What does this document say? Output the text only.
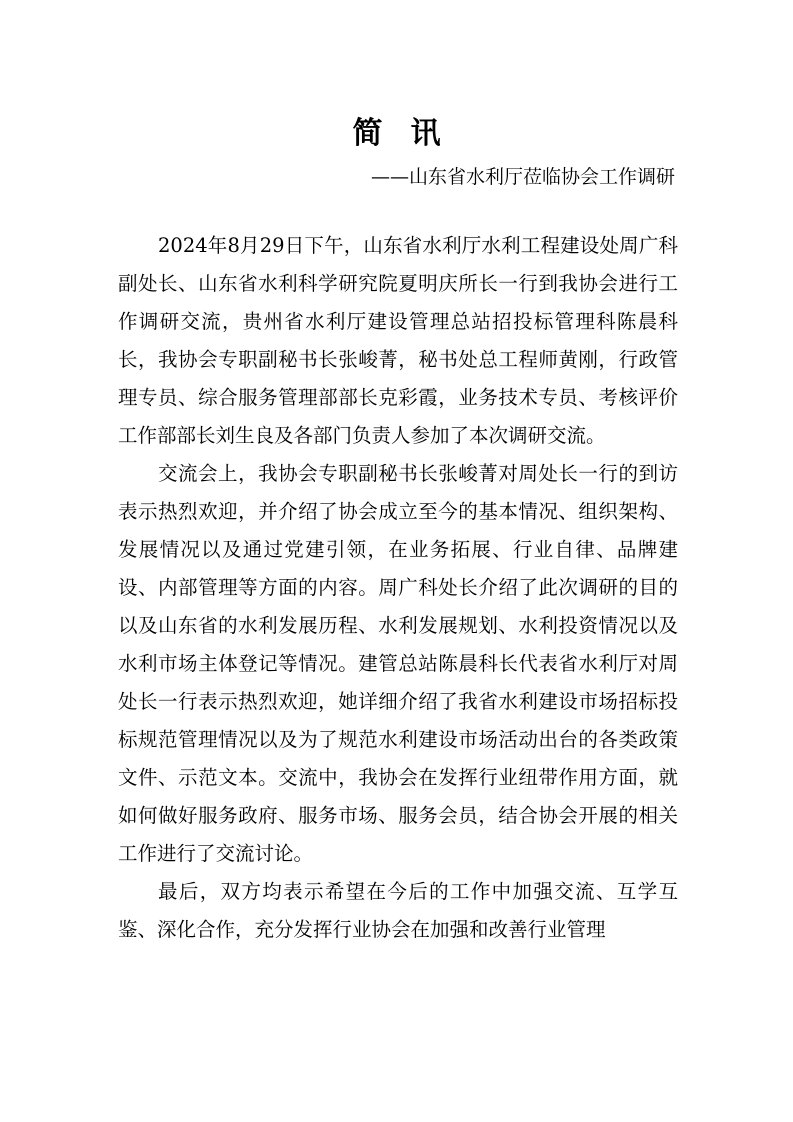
简讯

——山东省水利厅莅临协会工作调研

2024年8月29日下午，山东省水利厅水利工程建设处周广科副处长、山东省水利科学研究院夏明庆所长一行到我协会进行工作调研交流，贵州省水利厅建设管理总站招投标管理科陈晨科长，我协会专职副秘书长张峻菁，秘书处总工程师黄刚，行政管理专员、综合服务管理部部长克彩霞，业务技术专员、考核评价工作部部长刘生良及各部门负责人参加了本次调研交流。

交流会上，我协会专职副秘书长张峻菁对周处长一行的到访表示热烈欢迎，并介绍了协会成立至今的基本情况、组织架构、发展情况以及通过党建引领，在业务拓展、行业自律、品牌建设、内部管理等方面的内容。周广科处长介绍了此次调研的目的以及山东省的水利发展历程、水利发展规划、水利投资情况以及水利市场主体登记等情况。建管总站陈晨科长代表省水利厅对周处长一行表示热烈欢迎，她详细介绍了我省水利建设市场招标投标规范管理情况以及为了规范水利建设市场活动出台的各类政策文件、示范文本。交流中，我协会在发挥行业纽带作用方面，就如何做好服务政府、服务市场、服务会员，结合协会开展的相关工作进行了交流讨论。

最后，双方均表示希望在今后的工作中加强交流、互学互鉴、深化合作，充分发挥行业协会在加强和改善行业管理
